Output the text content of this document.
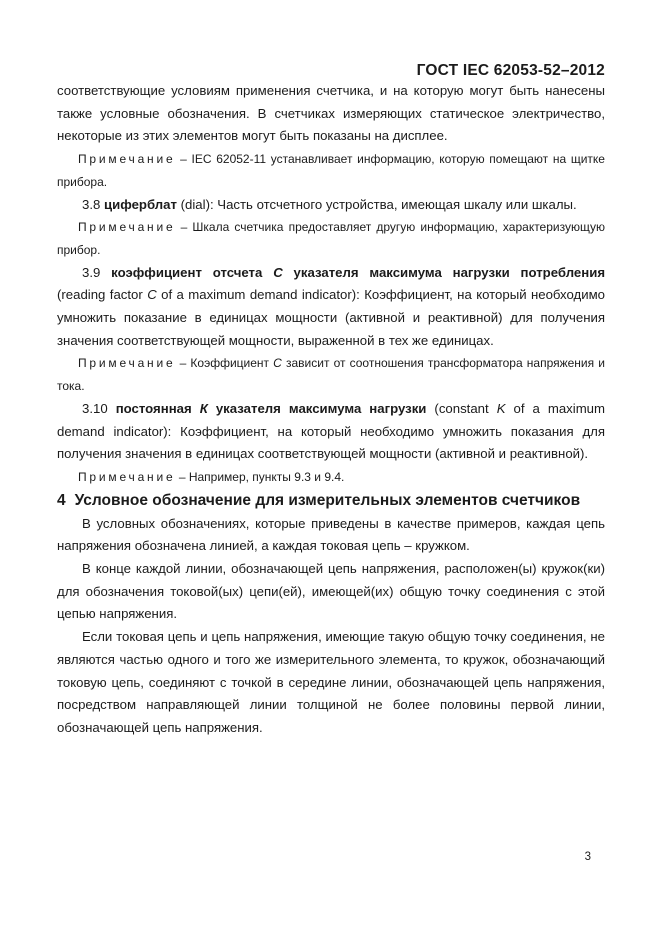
ГОСТ IEC 62053-52–2012

соответствующие условиям применения счетчика, и на которую могут быть нанесены также условные обозначения. В счетчиках измеряющих статическое электричество, некоторые из этих элементов могут быть показаны на дисплее.

Примечание – IEC 62052-11 устанавливает информацию, которую помещают на щитке прибора.

3.8 циферблат (dial): Часть отсчетного устройства, имеющая шкалу или шкалы.

Примечание – Шкала счетчика предоставляет другую информацию, характеризующую прибор.

3.9 коэффициент отсчета С указателя максимума нагрузки потребления (reading factor C of a maximum demand indicator): Коэффициент, на который необходимо умножить показание в единицах мощности (активной и реактивной) для получения значения соответствующей мощности, выраженной в тех же единицах.

Примечание – Коэффициент С зависит от соотношения трансформатора напряжения и тока.

3.10 постоянная К указателя максимума нагрузки (constant K of a maximum demand indicator): Коэффициент, на который необходимо умножить показания для получения значения в единицах соответствующей мощности (активной и реактивной).

Примечание – Например, пункты 9.3 и 9.4.

4 Условное обозначение для измерительных элементов счетчиков

В условных обозначениях, которые приведены в качестве примеров, каждая цепь напряжения обозначена линией, а каждая токовая цепь – кружком.

В конце каждой линии, обозначающей цепь напряжения, расположен(ы) кружок(ки) для обозначения токовой(ых) цепи(ей), имеющей(их) общую точку соединения с этой цепью напряжения.

Если токовая цепь и цепь напряжения, имеющие такую общую точку соединения, не являются частью одного и того же измерительного элемента, то кружок, обозначающий токовую цепь, соединяют с точкой в середине линии, обозначающей цепь напряжения, посредством направляющей линии толщиной не более половины первой линии, обозначающей цепь напряжения.

3
